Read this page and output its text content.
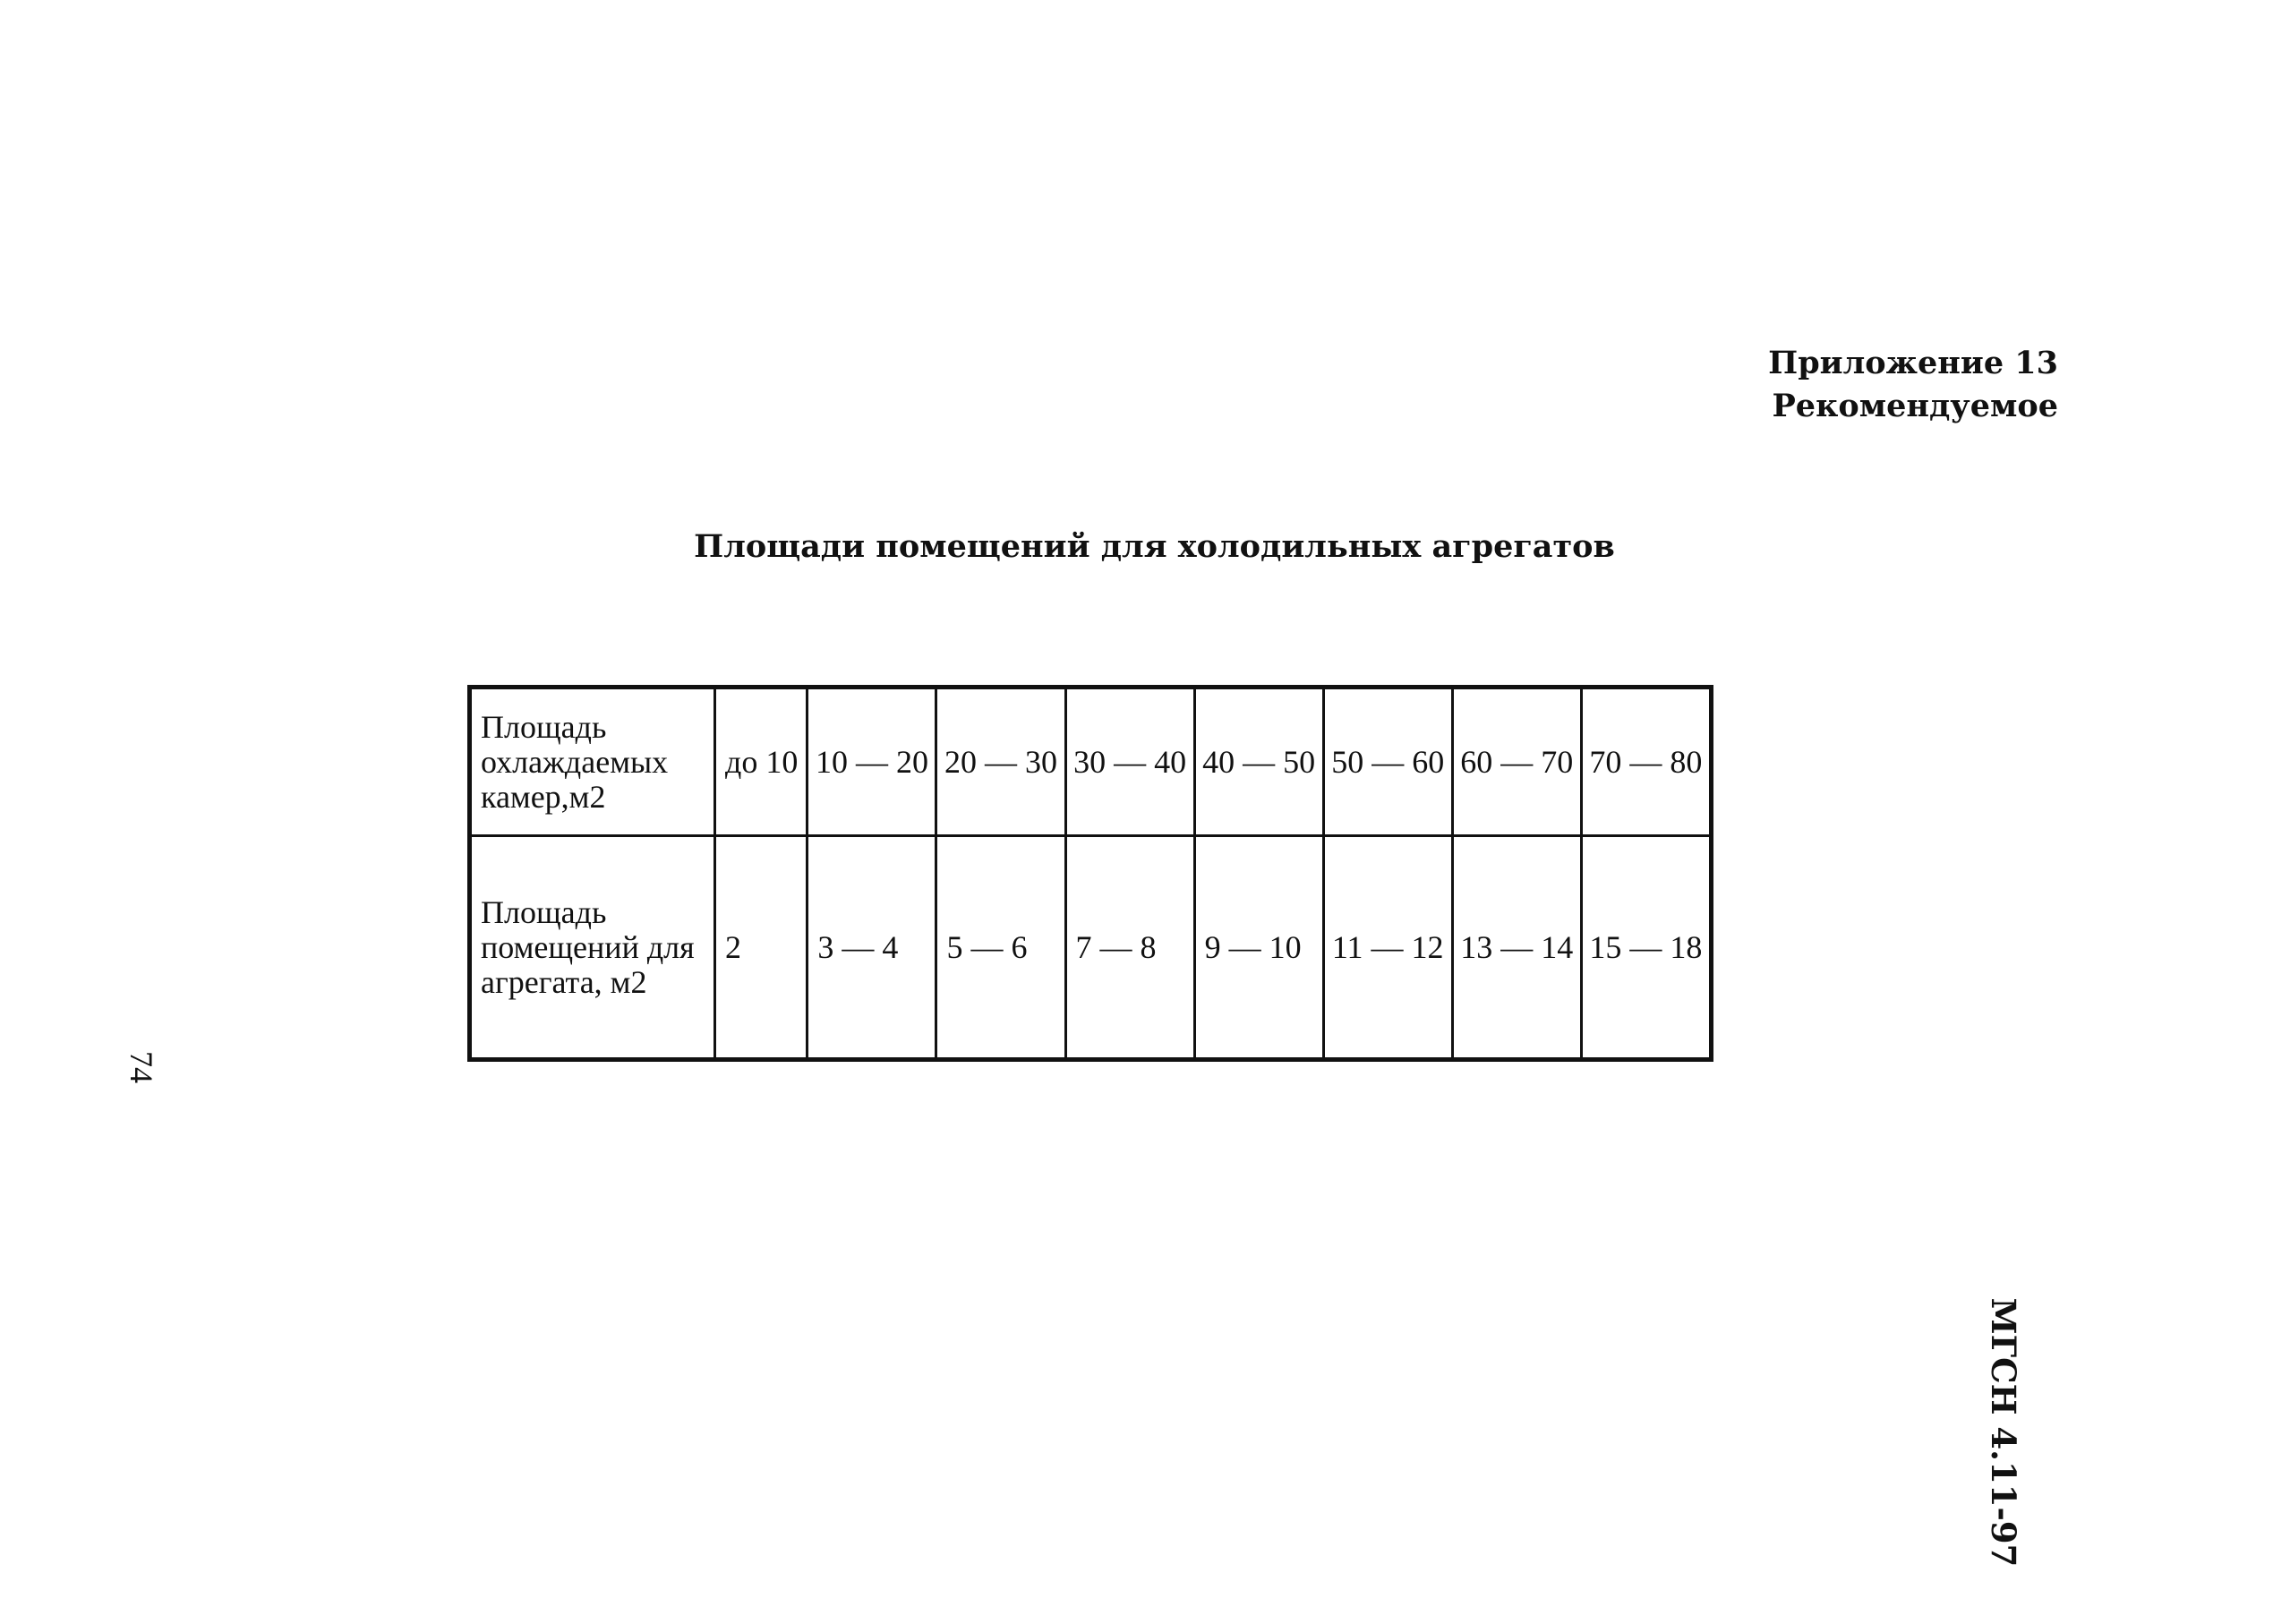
Приложение 13
Рекомендуемое
Площади помещений для холодильных агрегатов
Площадь охлаждаемых камер,м2	до 10	10 — 20	20 — 30	30 — 40	40 — 50	50 — 60	60 — 70	70 — 80
Площадь помещений для агрегата, м2	2	3 — 4	5 — 6	7 — 8	9 — 10	11 — 12	13 — 14	15 — 18
74
МГСН 4.11-97
